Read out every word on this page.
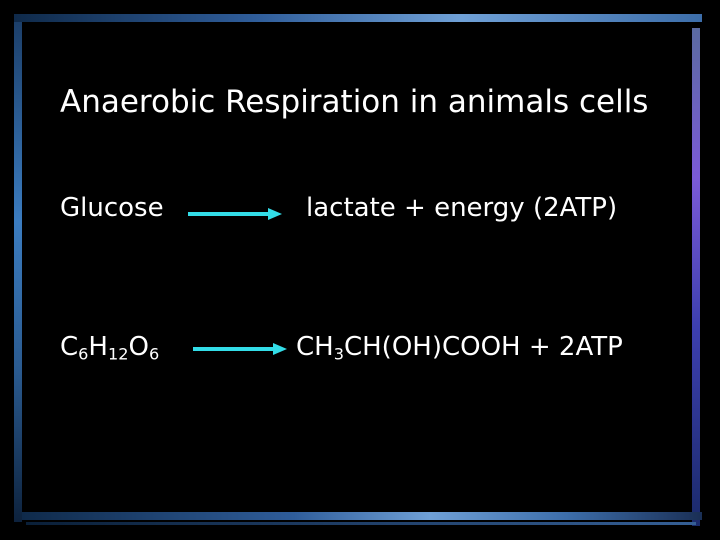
Anaerobic Respiration in animals cells
Glucose	lactate + energy (2ATP)
$C_6H_{12}O_6$	$CH_3CH(OH)COOH + 2ATP$
